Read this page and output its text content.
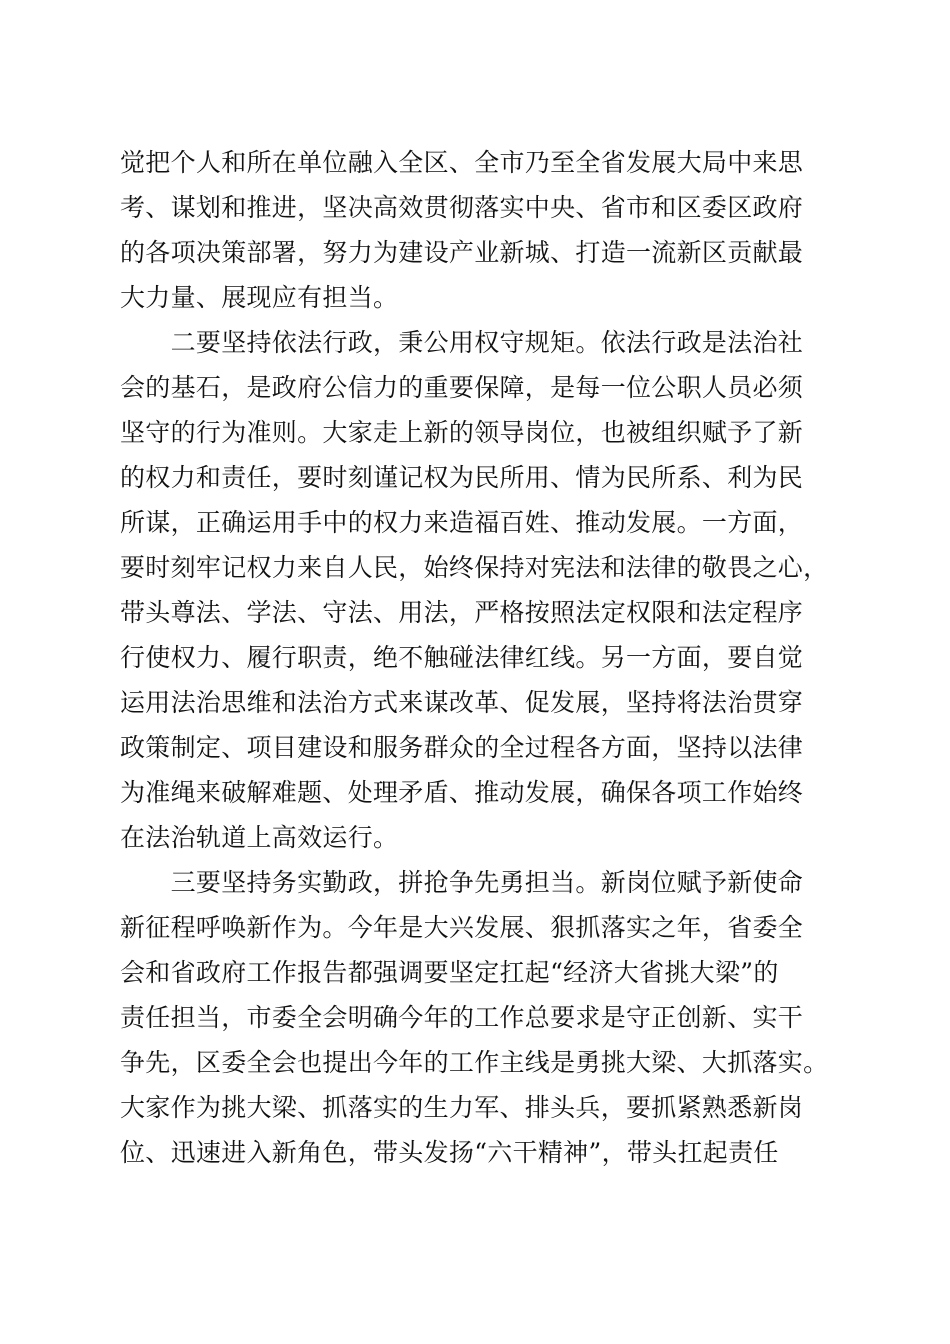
觉把个人和所在单位融入全区、全市乃至全省发展大局中来思
考、谋划和推进，坚决高效贯彻落实中央、省市和区委区政府
的各项决策部署，努力为建设产业新城、打造一流新区贡献最
大力量、展现应有担当。
　　二要坚持依法行政，秉公用权守规矩。依法行政是法治社
会的基石，是政府公信力的重要保障，是每一位公职人员必须
坚守的行为准则。大家走上新的领导岗位，也被组织赋予了新
的权力和责任，要时刻谨记权为民所用、情为民所系、利为民
所谋，正确运用手中的权力来造福百姓、推动发展。一方面，
要时刻牢记权力来自人民，始终保持对宪法和法律的敬畏之心，
带头尊法、学法、守法、用法，严格按照法定权限和法定程序
行使权力、履行职责，绝不触碰法律红线。另一方面，要自觉
运用法治思维和法治方式来谋改革、促发展，坚持将法治贯穿
政策制定、项目建设和服务群众的全过程各方面，坚持以法律
为准绳来破解难题、处理矛盾、推动发展，确保各项工作始终
在法治轨道上高效运行。
　　三要坚持务实勤政，拼抢争先勇担当。新岗位赋予新使命
新征程呼唤新作为。今年是大兴发展、狠抓落实之年，省委全
会和省政府工作报告都强调要坚定扛起“经济大省挑大梁”的
责任担当，市委全会明确今年的工作总要求是守正创新、实干
争先，区委全会也提出今年的工作主线是勇挑大梁、大抓落实。
大家作为挑大梁、抓落实的生力军、排头兵，要抓紧熟悉新岗
位、迅速进入新角色，带头发扬“六干精神”，带头扛起责任
